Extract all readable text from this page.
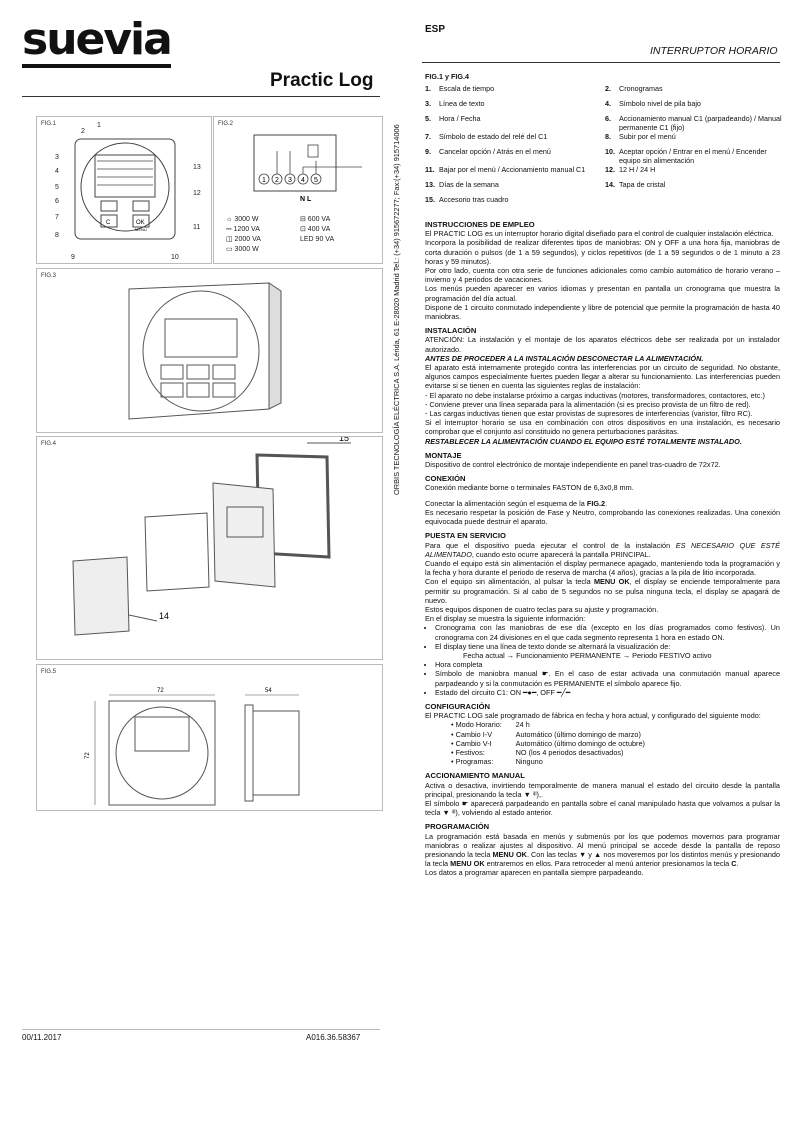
suevia
Practic Log
FIG.1
C	OK
MENU
1
2
3
4
5
6
7
8
9	10
11
12
13
FIG.2
1 2 3 4 5
N L
☼ 3000 W
⎓ 1200 VA
◫ 2000 VA
▭ 3000 W
⊟ 600 VA
⊡ 400 VA
LED 90 VA
FIG.3
FIG.4
15
14
FIG.5
72
72
54
ORBIS TECNOLOGÍA ELÉCTRICA S.A. Lérida, 61 E-28020 Madrid Tel.: (+34) 915672277; Fax:(+34) 915714006
ESP
INTERRUPTOR HORARIO
FIG.1 y FIG.4
1.	Escala de tiempo	2.	Cronogramas
3.	Línea de texto	4.	Símbolo nivel de pila bajo
5.	Hora / Fecha	6.	Accionamiento manual C1 (parpadeando) / Manual permanente C1 (fijo)
7.	Símbolo de estado del relé del C1	8.	Subir por el menú
9.	Cancelar opción / Atrás en el menú	10. Aceptar opción / Entrar en el menú / Encender equipo sin alimentación
11. Bajar por el menú / Accionamiento manual C1	12. 12 H / 24 H
13. Días de la semana	14. Tapa de cristal
15. Accesorio tras cuadro
INSTRUCCIONES DE EMPLEO

El PRACTIC LOG es un interruptor horario digital diseñado para el control de cualquier instalación eléctrica.

Incorpora la posibilidad de realizar diferentes tipos de maniobras: ON y OFF a una hora fija, maniobras de corta duración o pulsos (de 1 a 59 segundos), y ciclos repetitivos (de 1 a 59 segundos o de 1 minuto a 23 horas y 59 minutos).

Por otro lado, cuenta con otra serie de funciones adicionales como cambio automático de horario verano – invierno y 4 periodos de vacaciones.

Los menús pueden aparecer en varios idiomas y presentan en pantalla un cronograma que muestra la programación del día actual.

Dispone de 1 circuito conmutado independiente y libre de potencial que permite la programación de hasta 40 maniobras.

INSTALACIÓN

ATENCIÓN: La instalación y el montaje de los aparatos eléctricos debe ser realizada por un instalador autorizado.

ANTES DE PROCEDER A LA INSTALACIÓN DESCONECTAR LA ALIMENTACIÓN.

El aparato está internamente protegido contra las interferencias por un circuito de seguridad. No obstante, algunos campos especialmente fuertes pueden llegar a alterar su funcionamiento. Las interferencias pueden evitarse si se tienen en cuenta las siguientes reglas de instalación:

- El aparato no debe instalarse próximo a cargas inductivas (motores, transformadores, contactores, etc.)

- Conviene prever una línea separada para la alimentación (si es preciso provista de un filtro de red).

- Las cargas inductivas tienen que estar provistas de supresores de interferencias (varistor, filtro RC).

Si el interruptor horario se usa en combinación con otros dispositivos en una instalación, es necesario comprobar que el conjunto así constituido no genera perturbaciones parásitas.

RESTABLECER LA ALIMENTACIÓN CUANDO EL EQUIPO ESTÉ TOTALMENTE INSTALADO.

MONTAJE

Dispositivo de control electrónico de montaje independiente en panel tras-cuadro de 72x72.

CONEXIÓN

Conexión mediante borne o terminales FASTON de 6,3x0,8 mm.

Conectar la alimentación según el esquema de la FIG.2.

Es necesario respetar la posición de Fase y Neutro, comprobando las conexiones realizadas. Una conexión equivocada puede destruir el aparato.

PUESTA EN SERVICIO

Para que el dispositivo pueda ejecutar el control de la instalación ES NECESARIO QUE ESTÉ ALIMENTADO, cuando esto ocurre aparecerá la pantalla PRINCIPAL.

Cuando el equipo está sin alimentación el display permanece apagado, manteniendo toda la programación y la fecha y hora durante el periodo de reserva de marcha (4 años), gracias a la pila de litio incorporada.

Con el equipo sin alimentación, al pulsar la tecla MENU OK, el display se enciende temporalmente para permitir su programación. Si al cabo de 5 segundos no se pulsa ninguna tecla, el display se apagará de nuevo.

Estos equipos disponen de cuatro teclas para su ajuste y programación.

En el display se muestra la siguiente información:

• Cronograma con las maniobras de ese día (excepto en los días programados como festivos). Un cronograma con 24 divisiones en el que cada segmento representa 1 hora en estado ON.
• El display tiene una línea de texto donde se alternará la visualización de:
Fecha actual → Funcionamiento PERMANENTE → Periodo FESTIVO activo
• Hora completa
• Símbolo de maniobra manual ☛. En el caso de estar activada una conmutación manual aparece parpadeando y si la conmutación es PERMANENTE el símbolo aparece fijo.
• Estado del circuito C1: ON ━●━, OFF ━╱━
CONFIGURACIÓN

El PRACTIC LOG sale programado de fábrica en fecha y hora actual, y configurado del siguiente modo:

• Modo Horario: 24 h
• Cambio I-V	Automático (último domingo de marzo)
• Cambio V-I	Automático (último domingo de octubre)
• Festivos:	NO (los 4 periodos desactivados)
• Programas:	Ninguno
ACCIONAMIENTO MANUAL

Activa o desactiva, invirtiendo temporalmente de manera manual el estado del circuito desde la pantalla principal, presionando la tecla ▼ ⁱᴵᴵ),.

El símbolo ☛ aparecerá parpadeando en pantalla sobre el canal manipulado hasta que volvamos a pulsar la tecla ▼ ⁱᴵᴵ), volviendo al estado anterior.

PROGRAMACIÓN

La programación está basada en menús y submenús por los que podemos movernos para programar maniobras o realizar ajustes al dispositivo. Al menú principal se accede desde la pantalla de reposo presionando la tecla MENU OK. Con las teclas ▼ y ▲ nos moveremos por los distintos menús y presionando la tecla MENU OK entraremos en ellos. Para retroceder al menú anterior presionamos la tecla C.

Los datos a programar aparecen en pantalla siempre parpadeando.

00/11.2017	A016.36.58367
